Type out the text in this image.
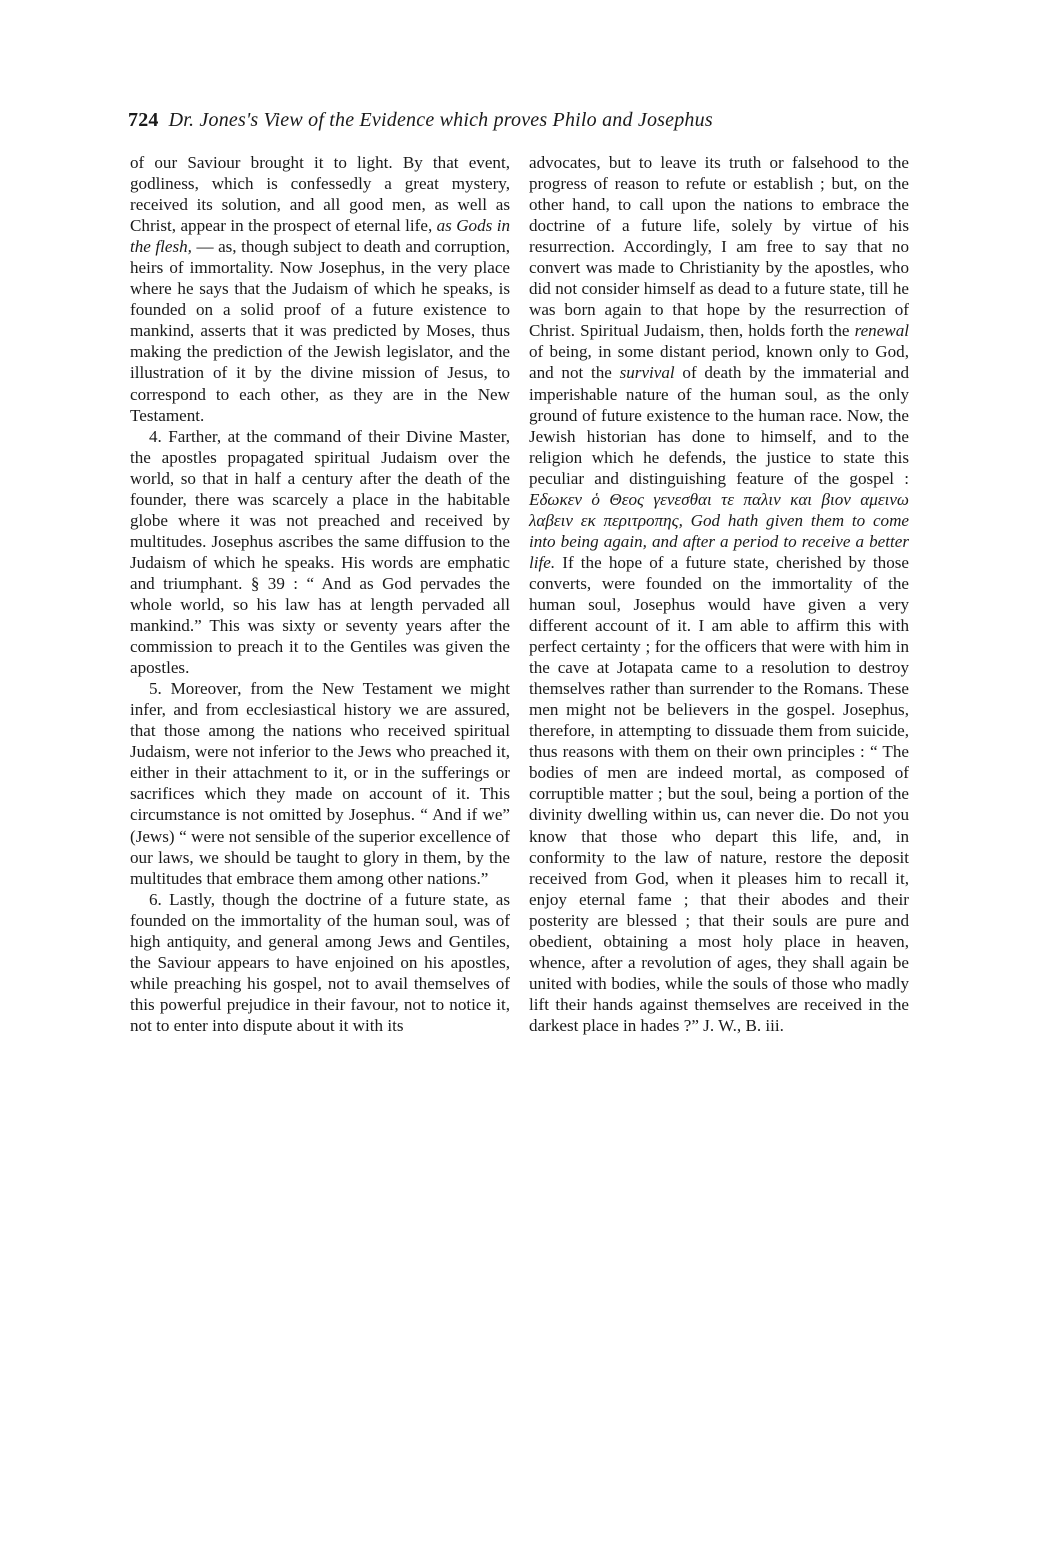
724 Dr. Jones's View of the Evidence which proves Philo and Josephus

of our Saviour brought it to light. By that event, godliness, which is confessedly a great mystery, received its solution, and all good men, as well as Christ, appear in the prospect of eternal life, as Gods in the flesh, — as, though subject to death and corruption, heirs of immortality. Now Josephus, in the very place where he says that the Judaism of which he speaks, is founded on a solid proof of a future existence to mankind, asserts that it was predicted by Moses, thus making the prediction of the Jewish legislator, and the illustration of it by the divine mission of Jesus, to correspond to each other, as they are in the New Testament.

4. Farther, at the command of their Divine Master, the apostles propagated spiritual Judaism over the world, so that in half a century after the death of the founder, there was scarcely a place in the habitable globe where it was not preached and received by multitudes. Josephus ascribes the same diffusion to the Judaism of which he speaks. His words are emphatic and triumphant. § 39 : “ And as God pervades the whole world, so his law has at length pervaded all mankind.” This was sixty or seventy years after the commission to preach it to the Gentiles was given the apostles.

5. Moreover, from the New Testament we might infer, and from ecclesiastical history we are assured, that those among the nations who received spiritual Judaism, were not inferior to the Jews who preached it, either in their attachment to it, or in the sufferings or sacrifices which they made on account of it. This circumstance is not omitted by Josephus. “ And if we” (Jews) “ were not sensible of the superior excellence of our laws, we should be taught to glory in them, by the multitudes that embrace them among other nations.”

6. Lastly, though the doctrine of a future state, as founded on the immortality of the human soul, was of high antiquity, and general among Jews and Gentiles, the Saviour appears to have enjoined on his apostles, while preaching his gospel, not to avail themselves of this powerful prejudice in their favour, not to notice it, not to enter into dispute about it with its

advocates, but to leave its truth or falsehood to the progress of reason to refute or establish ; but, on the other hand, to call upon the nations to embrace the doctrine of a future life, solely by virtue of his resurrection. Accordingly, I am free to say that no convert was made to Christianity by the apostles, who did not consider himself as dead to a future state, till he was born again to that hope by the resurrection of Christ. Spiritual Judaism, then, holds forth the renewal of being, in some distant period, known only to God, and not the survival of death by the immaterial and imperishable nature of the human soul, as the only ground of future existence to the human race. Now, the Jewish historian has done to himself, and to the religion which he defends, the justice to state this peculiar and distinguishing feature of the gospel : Εδωκεν ὁ Θεος γενεσθαι τε παλιν και βιον αμεινω λαβειν εκ περιτροπης, God hath given them to come into being again, and after a period to receive a better life. If the hope of a future state, cherished by those converts, were founded on the immortality of the human soul, Josephus would have given a very different account of it. I am able to affirm this with perfect certainty ; for the officers that were with him in the cave at Jotapata came to a resolution to destroy themselves rather than surrender to the Romans. These men might not be believers in the gospel. Josephus, therefore, in attempting to dissuade them from suicide, thus reasons with them on their own principles : “ The bodies of men are indeed mortal, as composed of corruptible matter ; but the soul, being a portion of the divinity dwelling within us, can never die. Do not you know that those who depart this life, and, in conformity to the law of nature, restore the deposit received from God, when it pleases him to recall it, enjoy eternal fame ; that their abodes and their posterity are blessed ; that their souls are pure and obedient, obtaining a most holy place in heaven, whence, after a revolution of ages, they shall again be united with bodies, while the souls of those who madly lift their hands against themselves are received in the darkest place in hades ?” J. W., B. iii.
